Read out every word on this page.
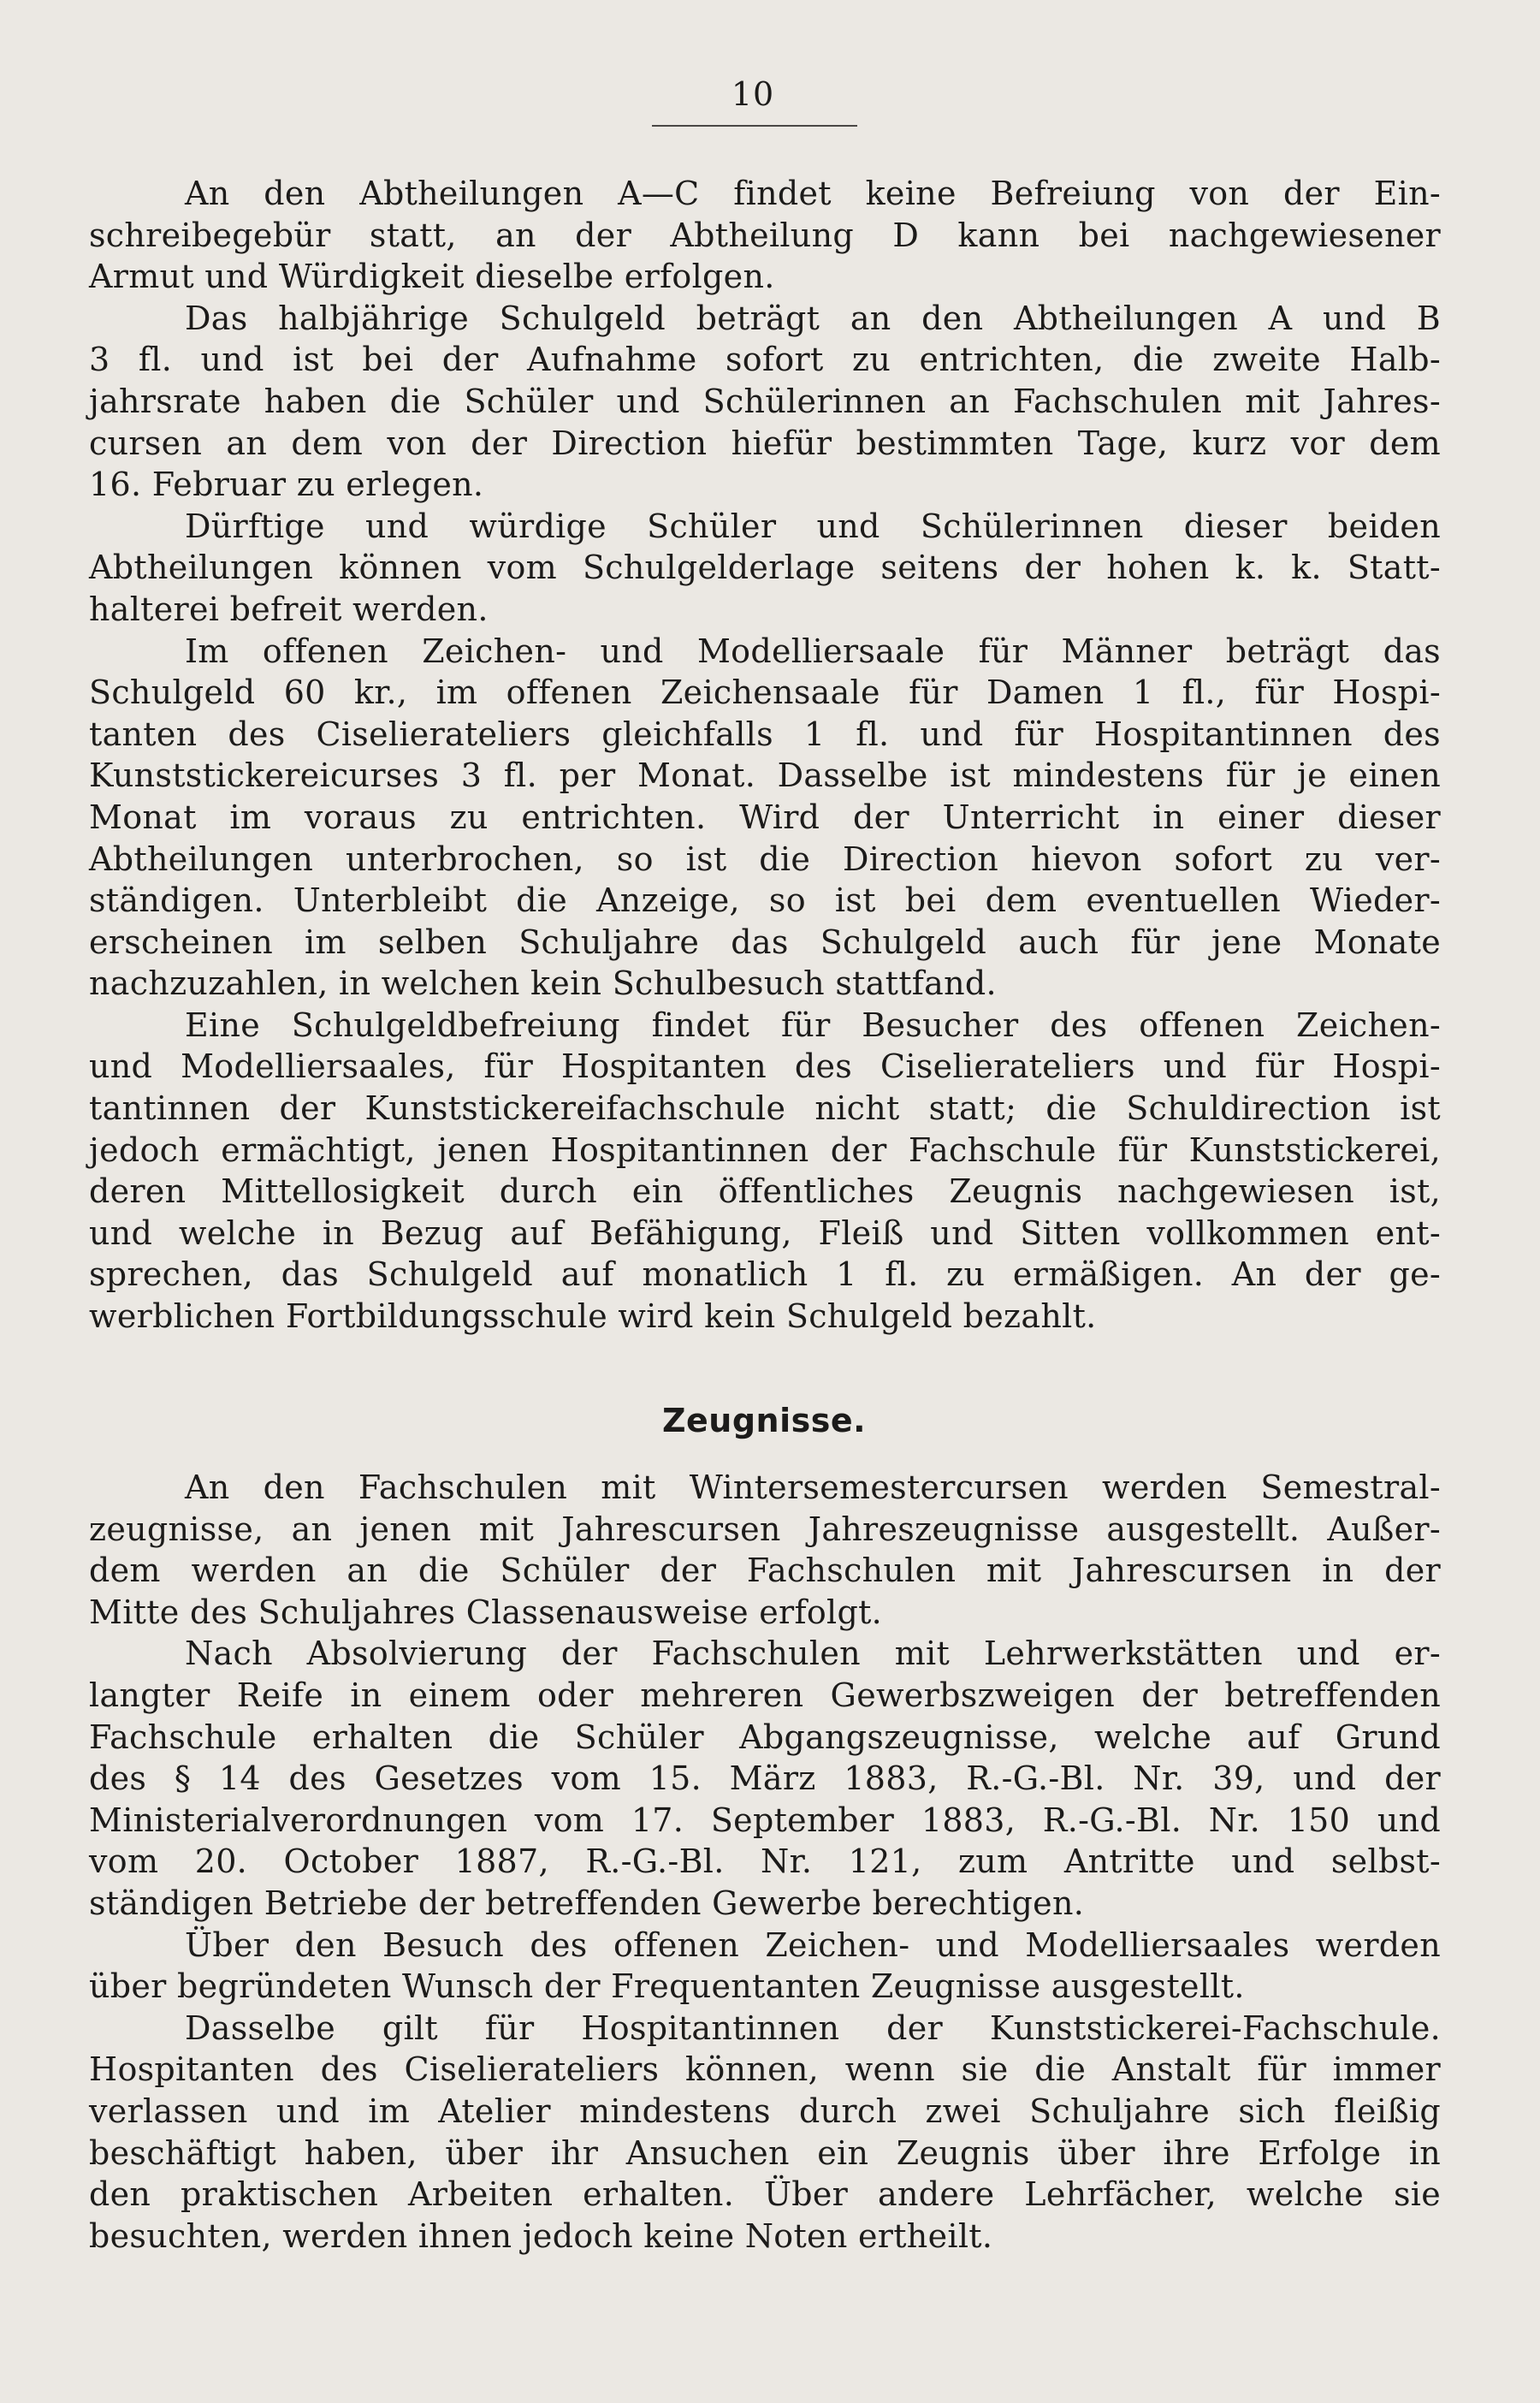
10
An den Abtheilungen A—C findet keine Befreiung von der Ein-
schreibegebür statt, an der Abtheilung D kann bei nachgewiesener
Armut und Würdigkeit dieselbe erfolgen.
Das halbjährige Schulgeld beträgt an den Abtheilungen A und B
3 fl. und ist bei der Aufnahme sofort zu entrichten, die zweite Halb-
jahrsrate haben die Schüler und Schülerinnen an Fachschulen mit Jahres-
cursen an dem von der Direction hiefür bestimmten Tage, kurz vor dem
16. Februar zu erlegen.
Dürftige und würdige Schüler und Schülerinnen dieser beiden
Abtheilungen können vom Schulgelderlage seitens der hohen k. k. Statt-
halterei befreit werden.
Im offenen Zeichen- und Modelliersaale für Männer beträgt das
Schulgeld 60 kr., im offenen Zeichensaale für Damen 1 fl., für Hospi-
tanten des Ciselierateliers gleichfalls 1 fl. und für Hospitantinnen des
Kunststickereicurses 3 fl. per Monat. Dasselbe ist mindestens für je einen
Monat im voraus zu entrichten. Wird der Unterricht in einer dieser
Abtheilungen unterbrochen, so ist die Direction hievon sofort zu ver-
ständigen. Unterbleibt die Anzeige, so ist bei dem eventuellen Wieder-
erscheinen im selben Schuljahre das Schulgeld auch für jene Monate
nachzuzahlen, in welchen kein Schulbesuch stattfand.
Eine Schulgeldbefreiung findet für Besucher des offenen Zeichen-
und Modelliersaales, für Hospitanten des Ciselierateliers und für Hospi-
tantinnen der Kunststickereifachschule nicht statt; die Schuldirection ist
jedoch ermächtigt, jenen Hospitantinnen der Fachschule für Kunststickerei,
deren Mittellosigkeit durch ein öffentliches Zeugnis nachgewiesen ist,
und welche in Bezug auf Befähigung, Fleiß und Sitten vollkommen ent-
sprechen, das Schulgeld auf monatlich 1 fl. zu ermäßigen. An der ge-
werblichen Fortbildungsschule wird kein Schulgeld bezahlt.
Zeugnisse.
An den Fachschulen mit Wintersemestercursen werden Semestral-
zeugnisse, an jenen mit Jahrescursen Jahreszeugnisse ausgestellt. Außer-
dem werden an die Schüler der Fachschulen mit Jahrescursen in der
Mitte des Schuljahres Classenausweise erfolgt.
Nach Absolvierung der Fachschulen mit Lehrwerkstätten und er-
langter Reife in einem oder mehreren Gewerbszweigen der betreffenden
Fachschule erhalten die Schüler Abgangszeugnisse, welche auf Grund
des § 14 des Gesetzes vom 15. März 1883, R.-G.-Bl. Nr. 39, und der
Ministerialverordnungen vom 17. September 1883, R.-G.-Bl. Nr. 150 und
vom 20. October 1887, R.-G.-Bl. Nr. 121, zum Antritte und selbst-
ständigen Betriebe der betreffenden Gewerbe berechtigen.
Über den Besuch des offenen Zeichen- und Modelliersaales werden
über begründeten Wunsch der Frequentanten Zeugnisse ausgestellt.
Dasselbe gilt für Hospitantinnen der Kunststickerei-Fachschule.
Hospitanten des Ciselierateliers können, wenn sie die Anstalt für immer
verlassen und im Atelier mindestens durch zwei Schuljahre sich fleißig
beschäftigt haben, über ihr Ansuchen ein Zeugnis über ihre Erfolge in
den praktischen Arbeiten erhalten. Über andere Lehrfächer, welche sie
besuchten, werden ihnen jedoch keine Noten ertheilt.
